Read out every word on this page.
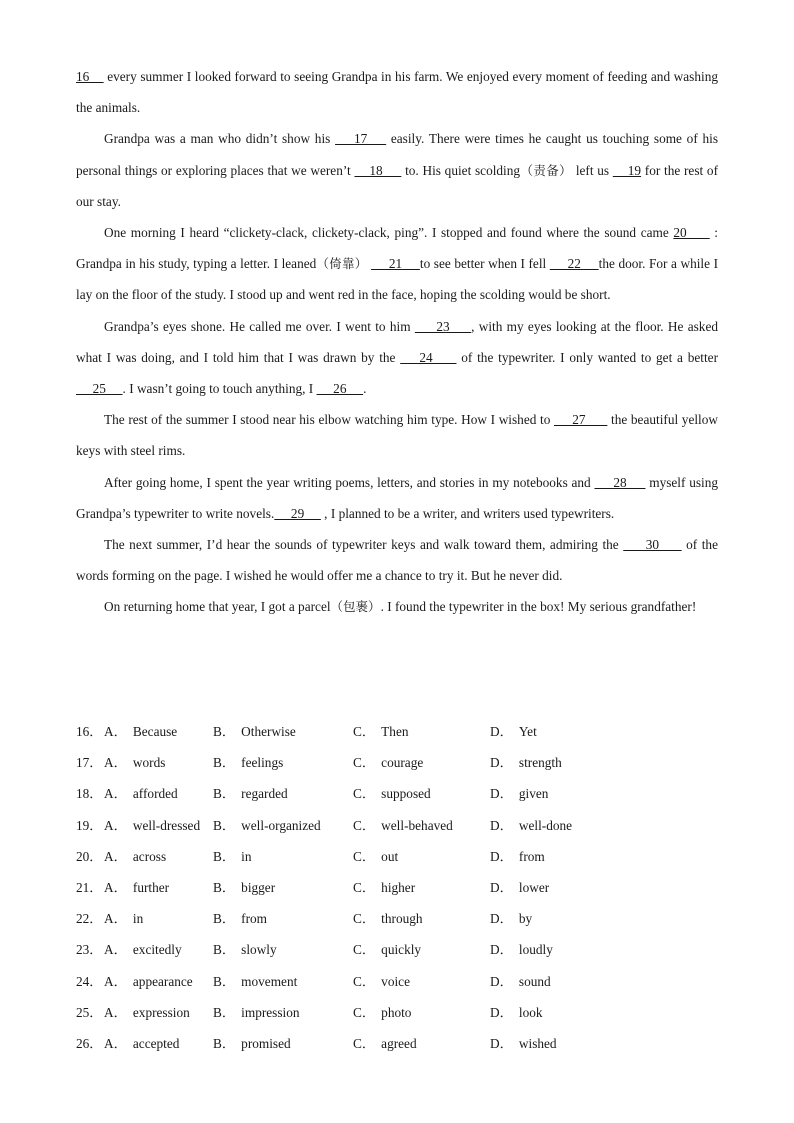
16     every summer I looked forward to seeing Grandpa in his farm. We enjoyed every moment of feeding and washing the animals.

Grandpa was a man who didn’t show his     17     easily. There were times he caught us touching some of his personal things or exploring places that we weren’t     18      to. His quiet scolding（责备） left us     19 for the rest of our stay.

One morning I heard “clickety-clack, clickety-clack, ping”. I stopped and found where the sound came 20      : Grandpa in his study, typing a letter. I leaned（倚靠）      21     to see better when I fell      22     the door. For a while I lay on the floor of the study. I stood up and went red in the face, hoping the scolding would be short.

Grandpa’s eyes shone. He called me over. I went to him      23     , with my eyes looking at the floor. He asked what I was doing, and I told him that I was drawn by the     24      of the typewriter. I only wanted to get a better      25     . I wasn’t going to touch anything, I      26     .

The rest of the summer I stood near his elbow watching him type. How I wished to      27       the beautiful yellow keys with steel rims.

After going home, I spent the year writing poems, letters, and stories in my notebooks and      28      myself using Grandpa’s typewriter to write novels.     29      , I planned to be a writer, and writers used typewriters.

The next summer, I’d hear the sounds of typewriter keys and walk toward them, admiring the      30      of the words forming on the page. I wished he would offer me a chance to try it. But he never did.

On returning home that year, I got a parcel（包裹）. I found the typewriter in the box! My serious grandfather!

16． A． Because	B． Otherwise	C． Then	D． Yet
17． A． words	B． feelings	C． courage	D． strength
18． A． afforded	B． regarded	C． supposed	D． given
19． A． well-dressed B． well-organized C． well-behaved	D． well-done
20． A． across	B． in	C． out	D． from
21． A． further	B． bigger	C． higher	D． lower
22． A． in	B． from	C． through	D． by
23． A． excitedly B． slowly	C． quickly	D． loudly
24． A． appearance B． movement	C． voice	D． sound
25． A． expression B． impression	C． photo	D． look
26． A． accepted	B． promised	C． agreed	D． wished
